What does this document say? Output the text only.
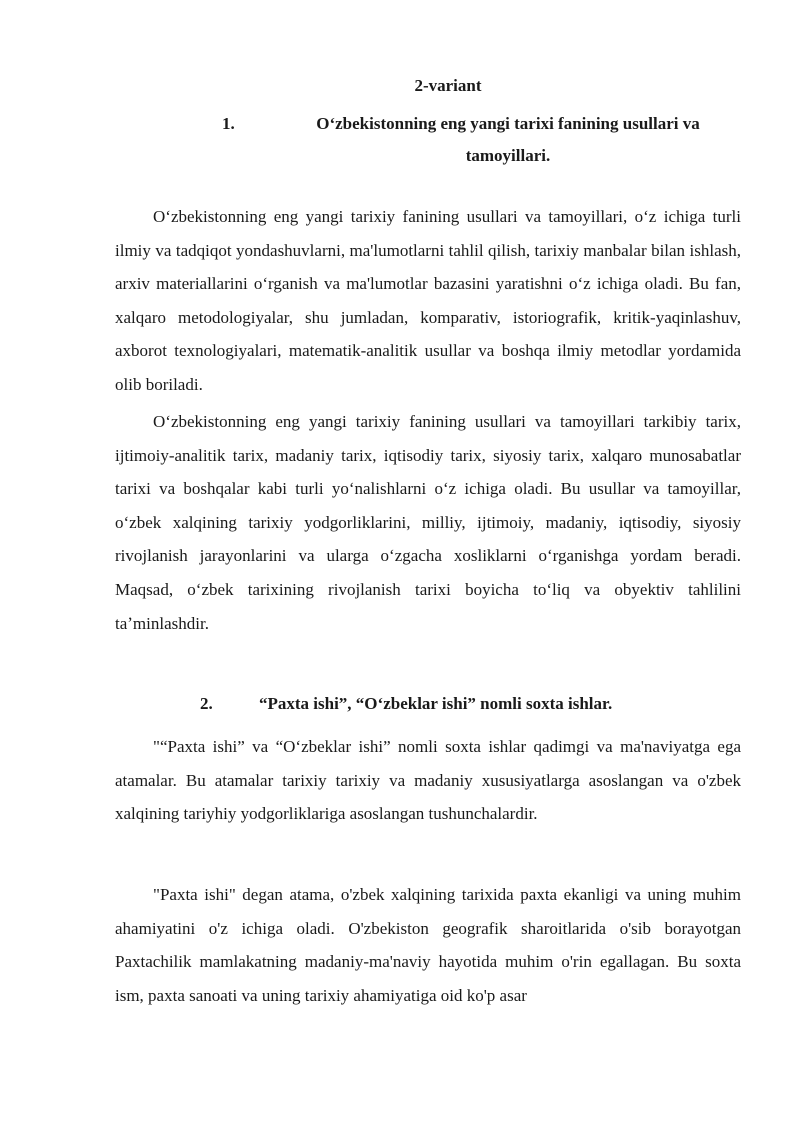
2-variant
1.	O‘zbekistonning eng yangi tarixi fanining usullari va tamoyillari.

O‘zbekistonning eng yangi tarixiy fanining usullari va tamoyillari, o‘z ichiga turli ilmiy va tadqiqot yondashuvlarni, ma'lumotlarni tahlil qilish, tarixiy manbalar bilan ishlash, arxiv materiallarini o‘rganish va ma'lumotlar bazasini yaratishni o‘z ichiga oladi. Bu fan, xalqaro metodologiyalar, shu jumladan, komparativ, istoriografik, kritik-yaqinlashuv, axborot texnologiyalari, matematik-analitik usullar va boshqa ilmiy metodlar yordamida olib boriladi.

O‘zbekistonning eng yangi tarixiy fanining usullari va tamoyillari tarkibiy tarix, ijtimoiy-analitik tarix, madaniy tarix, iqtisodiy tarix, siyosiy tarix, xalqaro munosabatlar tarixi va boshqalar kabi turli yo‘nalishlarni o‘z ichiga oladi. Bu usullar va tamoyillar, o‘zbek xalqining tarixiy yodgorliklarini, milliy, ijtimoiy, madaniy, iqtisodiy, siyosiy rivojlanish jarayonlarini va ularga o‘zgacha xosliklarni o‘rganishga yordam beradi. Maqsad, o‘zbek tarixining rivojlanish tarixi boyicha to‘liq va obyektiv tahlilini taʼminlashdir.

2.	“Paxta ishi”, “O‘zbeklar ishi” nomli soxta ishlar.

"“Paxta ishi” va “O‘zbeklar ishi” nomli soxta ishlar qadimgi va ma'naviyatga ega atamalar. Bu atamalar tarixiy tarixiy va madaniy xususiyatlarga asoslangan va o'zbek xalqining tariyhiy yodgorliklariga asoslangan tushunchalardir.

"Paxta ishi" degan atama, o'zbek xalqining tarixida paxta ekanligi va uning muhim ahamiyatini o'z ichiga oladi. O'zbekiston geografik sharoitlarida o'sib borayotgan Paxtachilik mamlakatning madaniy-ma'naviy hayotida muhim o'rin egallagan. Bu soxta ism, paxta sanoati va uning tarixiy ahamiyatiga oid ko'p asar
